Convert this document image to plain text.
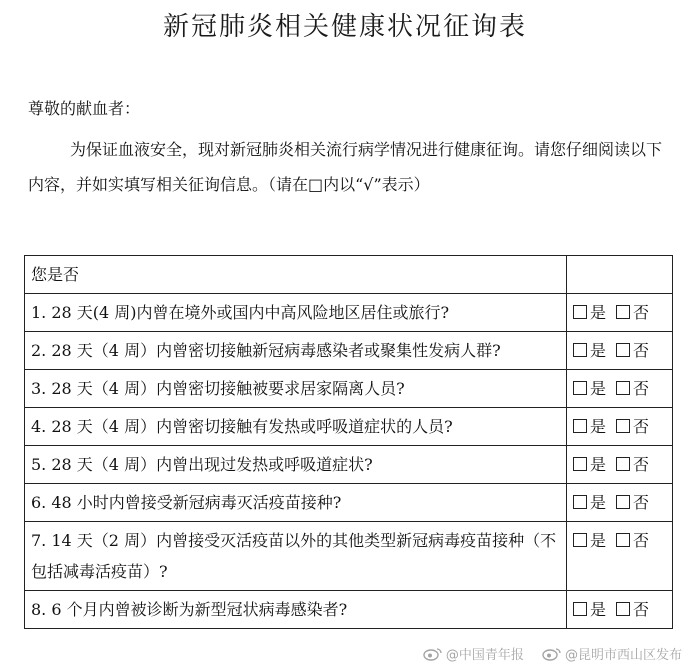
新冠肺炎相关健康状况征询表
尊敬的献血者：

为保证血液安全，现对新冠肺炎相关流行病学情况进行健康征询。请您仔细阅读以下内容，并如实填写相关征询信息。（请在□内以“√”表示）

您是否	
1. 28 天(4 周)内曾在境外或国内中高风险地区居住或旅行?	是 否
2. 28 天（4 周）内曾密切接触新冠病毒感染者或聚集性发病人群?	是 否
3. 28 天（4 周）内曾密切接触被要求居家隔离人员?	是 否
4. 28 天（4 周）内曾密切接触有发热或呼吸道症状的人员?	是 否
5. 28 天（4 周）内曾出现过发热或呼吸道症状?	是 否
6. 48 小时内曾接受新冠病毒灭活疫苗接种?	是 否
7. 14 天（2 周）内曾接受灭活疫苗以外的其他类型新冠病毒疫苗接种（不包括减毒活疫苗）?	是 否
8. 6 个月内曾被诊断为新型冠状病毒感染者?	是 否
@中国青年报	@昆明市西山区发布
